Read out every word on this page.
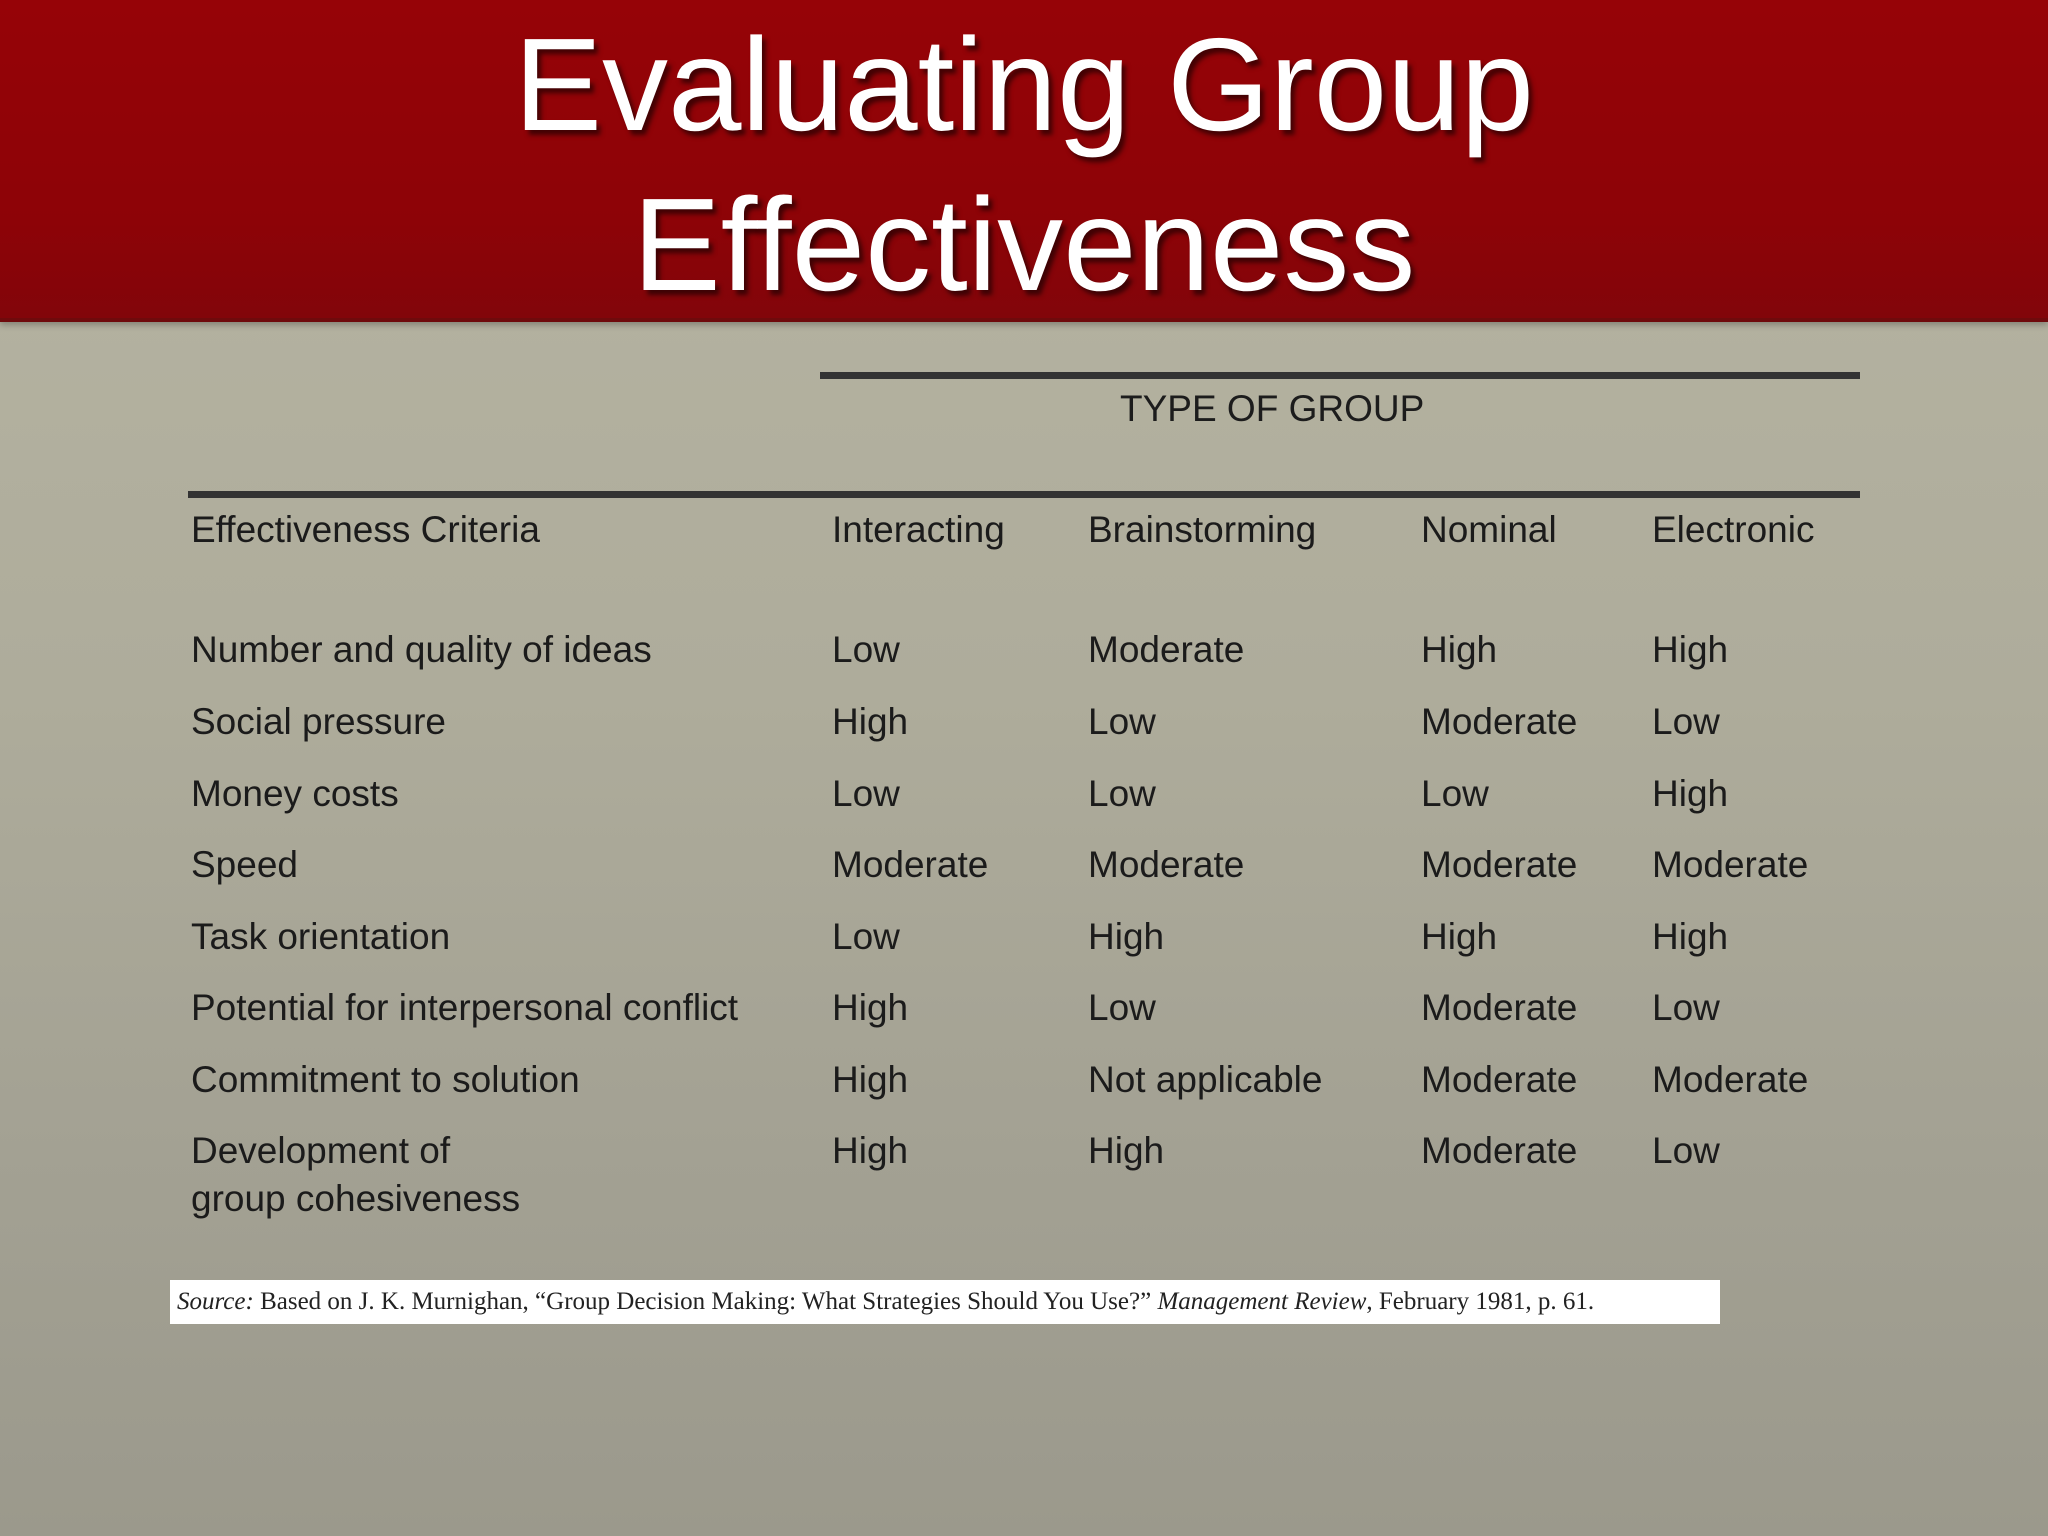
Evaluating Group
Effectiveness
TYPE OF GROUP
Effectiveness Criteria	Interacting Brainstorming	Nominal	Electronic
Number and quality of ideas	Low	Moderate	High	High
Social pressure	High	Low	Moderate Low
Money costs	Low	Low	Low	High
Speed	Moderate	Moderate	Moderate Moderate
Task orientation	Low	High	High	High
Potential for interpersonal conflict	High	Low	Moderate Low
Commitment to solution	High	Not applicable	Moderate Moderate
Development of	High	High	Moderate Low
group cohesiveness
Source: Based on J. K. Murnighan, “Group Decision Making: What Strategies Should You Use?” Management Review, February 1981, p. 61.
